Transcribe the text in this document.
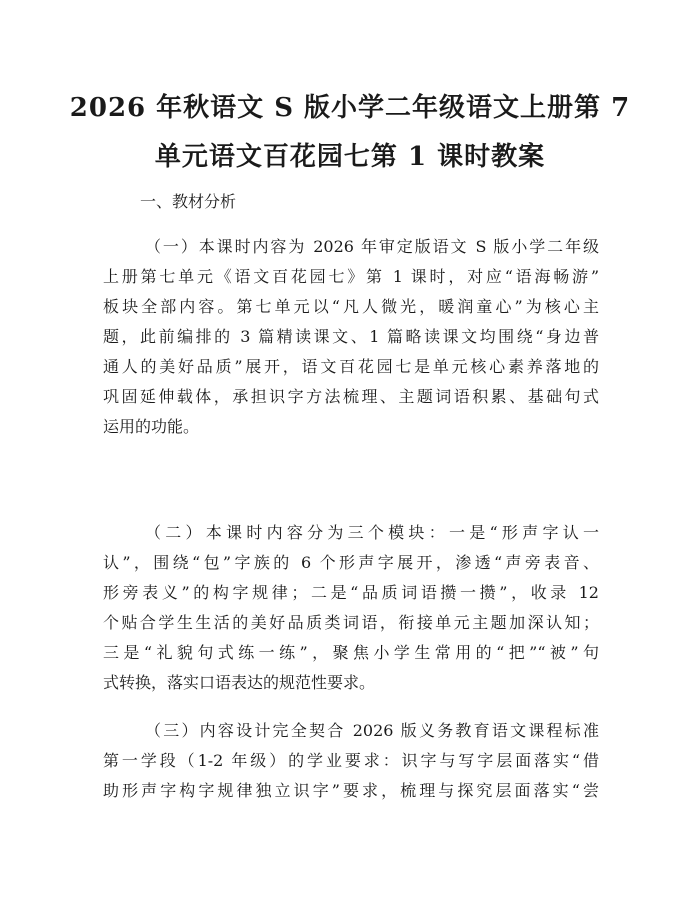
2026 年秋语文 S 版小学二年级语文上册第 7
单元语文百花园七第 1 课时教案

一、教材分析

（一）本课时内容为 2026 年审定版语文 S 版小学二年级
上册第七单元《语文百花园七》第 1 课时，对应“语海畅游”
板块全部内容。第七单元以“凡人微光，暖润童心”为核心主
题，此前编排的 3 篇精读课文、1 篇略读课文均围绕“身边普
通人的美好品质”展开，语文百花园七是单元核心素养落地的
巩固延伸载体，承担识字方法梳理、主题词语积累、基础句式
运用的功能。
（二）本课时内容分为三个模块：一是“形声字认一
认”，围绕“包”字族的 6 个形声字展开，渗透“声旁表音、
形旁表义”的构字规律；二是“品质词语攒一攒”，收录 12
个贴合学生生活的美好品质类词语，衔接单元主题加深认知；
三是“礼貌句式练一练”，聚焦小学生常用的“把”“被”句
式转换，落实口语表达的规范性要求。
（三）内容设计完全契合 2026 版义务教育语文课程标准
第一学段（1-2 年级）的学业要求：识字与写字层面落实“借
助形声字构字规律独立识字”要求，梳理与探究层面落实“尝
